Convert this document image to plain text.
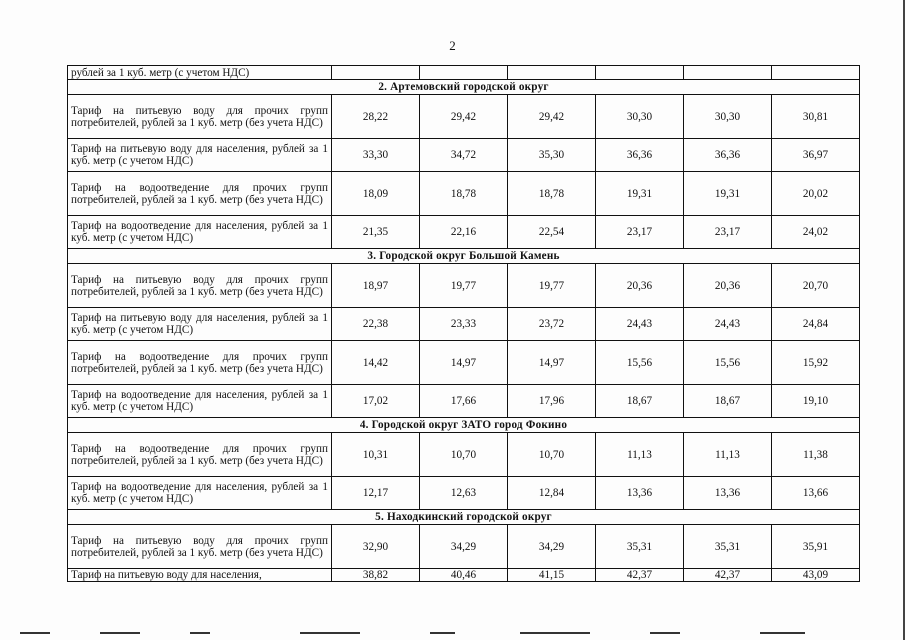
2
рублей за 1 куб. метр (с учетом НДС)						
2. Артемовский городской округ						
Тариф на питьевую воду для прочих групп потребителей, рублей за 1 куб. метр (без учета НДС)	28,22	29,42	29,42	30,30	30,30	30,81
Тариф на питьевую воду для населения, рублей за 1 куб. метр (с учетом НДС)	33,30	34,72	35,30	36,36	36,36	36,97
Тариф на водоотведение для прочих групп потребителей, рублей за 1 куб. метр (без учета НДС)	18,09	18,78	18,78	19,31	19,31	20,02
Тариф на водоотведение для населения, рублей за 1 куб. метр (с учетом НДС)	21,35	22,16	22,54	23,17	23,17	24,02
3. Городской округ Большой Камень						
Тариф на питьевую воду для прочих групп потребителей, рублей за 1 куб. метр (без учета НДС)	18,97	19,77	19,77	20,36	20,36	20,70
Тариф на питьевую воду для населения, рублей за 1 куб. метр (с учетом НДС)	22,38	23,33	23,72	24,43	24,43	24,84
Тариф на водоотведение для прочих групп потребителей, рублей за 1 куб. метр (без учета НДС)	14,42	14,97	14,97	15,56	15,56	15,92
Тариф на водоотведение для населения, рублей за 1 куб. метр (с учетом НДС)	17,02	17,66	17,96	18,67	18,67	19,10
4. Городской округ ЗАТО город Фокино						
Тариф на водоотведение для прочих групп потребителей, рублей за 1 куб. метр (без учета НДС)	10,31	10,70	10,70	11,13	11,13	11,38
Тариф на водоотведение для населения, рублей за 1 куб. метр (с учетом НДС)	12,17	12,63	12,84	13,36	13,36	13,66
5. Находкинский городской округ						
Тариф на питьевую воду для прочих групп потребителей, рублей за 1 куб. метр (без учета НДС)	32,90	34,29	34,29	35,31	35,31	35,91
Тариф на питьевую воду для населения,	38,82	40,46	41,15	42,37	42,37	43,09
